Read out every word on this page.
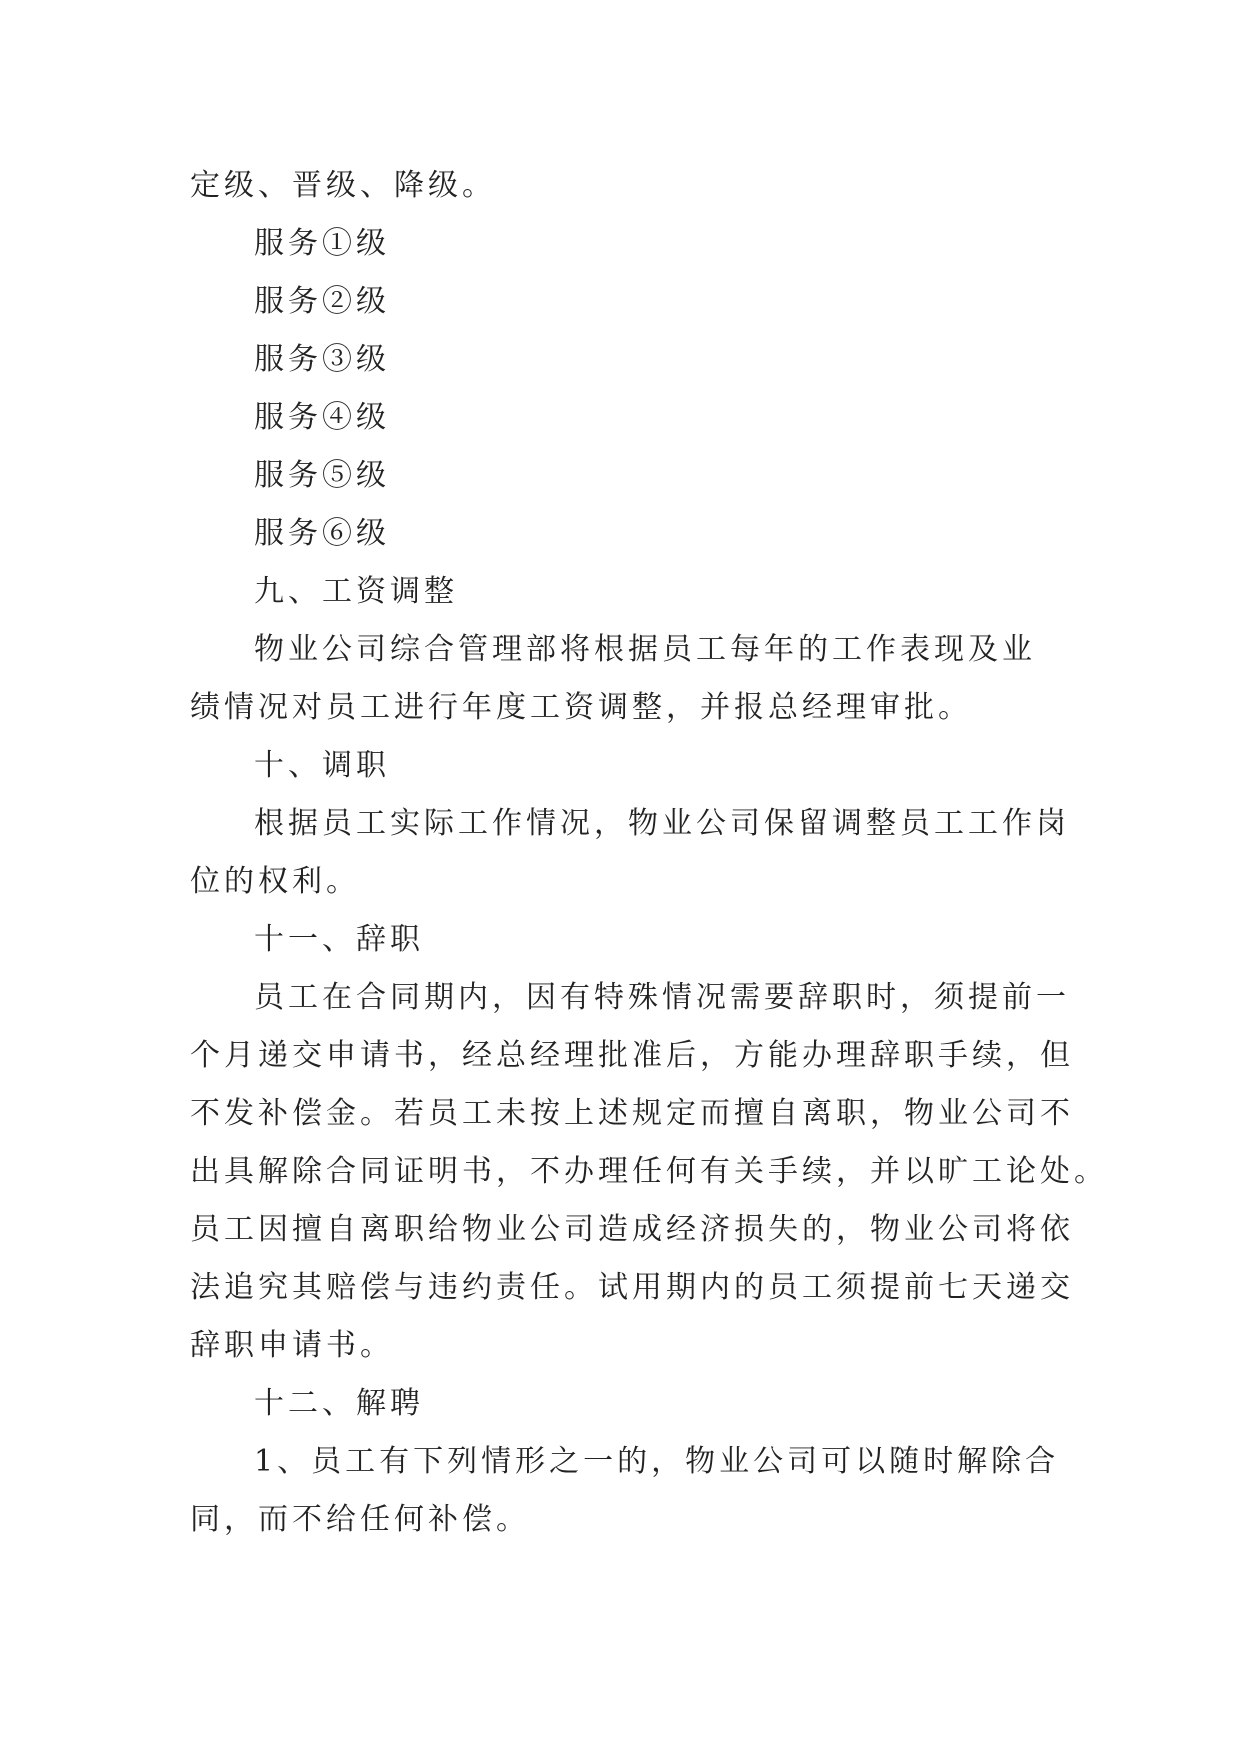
定级、晋级、降级。
服务①级
服务②级
服务③级
服务④级
服务⑤级
服务⑥级
九、工资调整
物业公司综合管理部将根据员工每年的工作表现及业
绩情况对员工进行年度工资调整，并报总经理审批。
十、调职
根据员工实际工作情况，物业公司保留调整员工工作岗
位的权利。
十一、辞职
员工在合同期内，因有特殊情况需要辞职时，须提前一
个月递交申请书，经总经理批准后，方能办理辞职手续，但
不发补偿金。若员工未按上述规定而擅自离职，物业公司不
出具解除合同证明书，不办理任何有关手续，并以旷工论处。
员工因擅自离职给物业公司造成经济损失的，物业公司将依
法追究其赔偿与违约责任。试用期内的员工须提前七天递交
辞职申请书。
十二、解聘
1、员工有下列情形之一的，物业公司可以随时解除合
同，而不给任何补偿。
